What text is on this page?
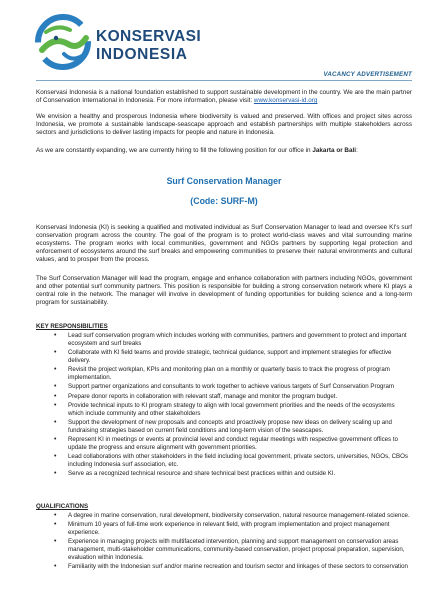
KONSERVASI
INDONESIA
VACANCY ADVERTISEMENT
Konservasi Indonesia is a national foundation established to support sustainable development in the country. We are the main partner of Conservation International in Indonesia. For more information, please visit: www.konservasi-id.org
We envision a healthy and prosperous Indonesia where biodiversity is valued and preserved. With offices and project sites across Indonesia, we promote a sustainable landscape-seascape approach and establish partnerships with multiple stakeholders across sectors and jurisdictions to deliver lasting impacts for people and nature in Indonesia.
As we are constantly expanding, we are currently hiring to fill the following position for our office in Jakarta or Bali:
Surf Conservation Manager
(Code: SURF-M)
Konservasi Indonesia (KI) is seeking a qualified and motivated individual as Surf Conservation Manager to lead and oversee KI's surf conservation program across the country. The goal of the program is to protect world-class waves and vital surrounding marine ecosystems. The program works with local communities, government and NGOs partners by supporting legal protection and enforcement of ecosystems around the surf breaks and empowering communities to preserve their natural environments and cultural values, and to prosper from the process.
The Surf Conservation Manager will lead the program, engage and enhance collaboration with partners including NGOs, government and other potential surf community partners. This position is responsible for building a strong conservation network where KI plays a central role in the network. The manager will involve in development of funding opportunities for building science and a long-term program for sustainability.
KEY RESPONSIBILITIES
• Lead surf conservation program which includes working with communities, partners and government to protect and important ecosystem and surf breaks
• Collaborate with KI field teams and provide strategic, technical guidance, support and implement strategies for effective delivery.
• Revisit the project workplan, KPIs and monitoring plan on a monthly or quarterly basis to track the progress of program implementation.
• Support partner organizations and consultants to work together to achieve various targets of Surf Conservation Program
• Prepare donor reports in collaboration with relevant staff, manage and monitor the program budget.
• Provide technical inputs to KI program strategy to align with local government priorities and the needs of the ecosystems which include community and other stakeholders
• Support the development of new proposals and concepts and proactively propose new ideas on delivery scaling up and fundraising strategies based on current field conditions and long-term vision of the seascapes.
• Represent KI in meetings or events at provincial level and conduct regular meetings with respective government offices to update the progress and ensure alignment with government priorities.
• Lead collaborations with other stakeholders in the field including local government, private sectors, universities, NGOs, CBOs including Indonesia surf association, etc.
• Serve as a recognized technical resource and share technical best practices within and outside KI.
QUALIFICATIONS
• A degree in marine conservation, rural development, biodiversity conservation, natural resource management-related science.
• Minimum 10 years of full-time work experience in relevant field, with program implementation and project management experience.
• Experience in managing projects with multifaceted intervention, planning and support management on conservation areas management, multi-stakeholder communications, community-based conservation, project proposal preparation, supervision, evaluation within Indonesia.
• Familiarity with the Indonesian surf and/or marine recreation and tourism sector and linkages of these sectors to conservation
